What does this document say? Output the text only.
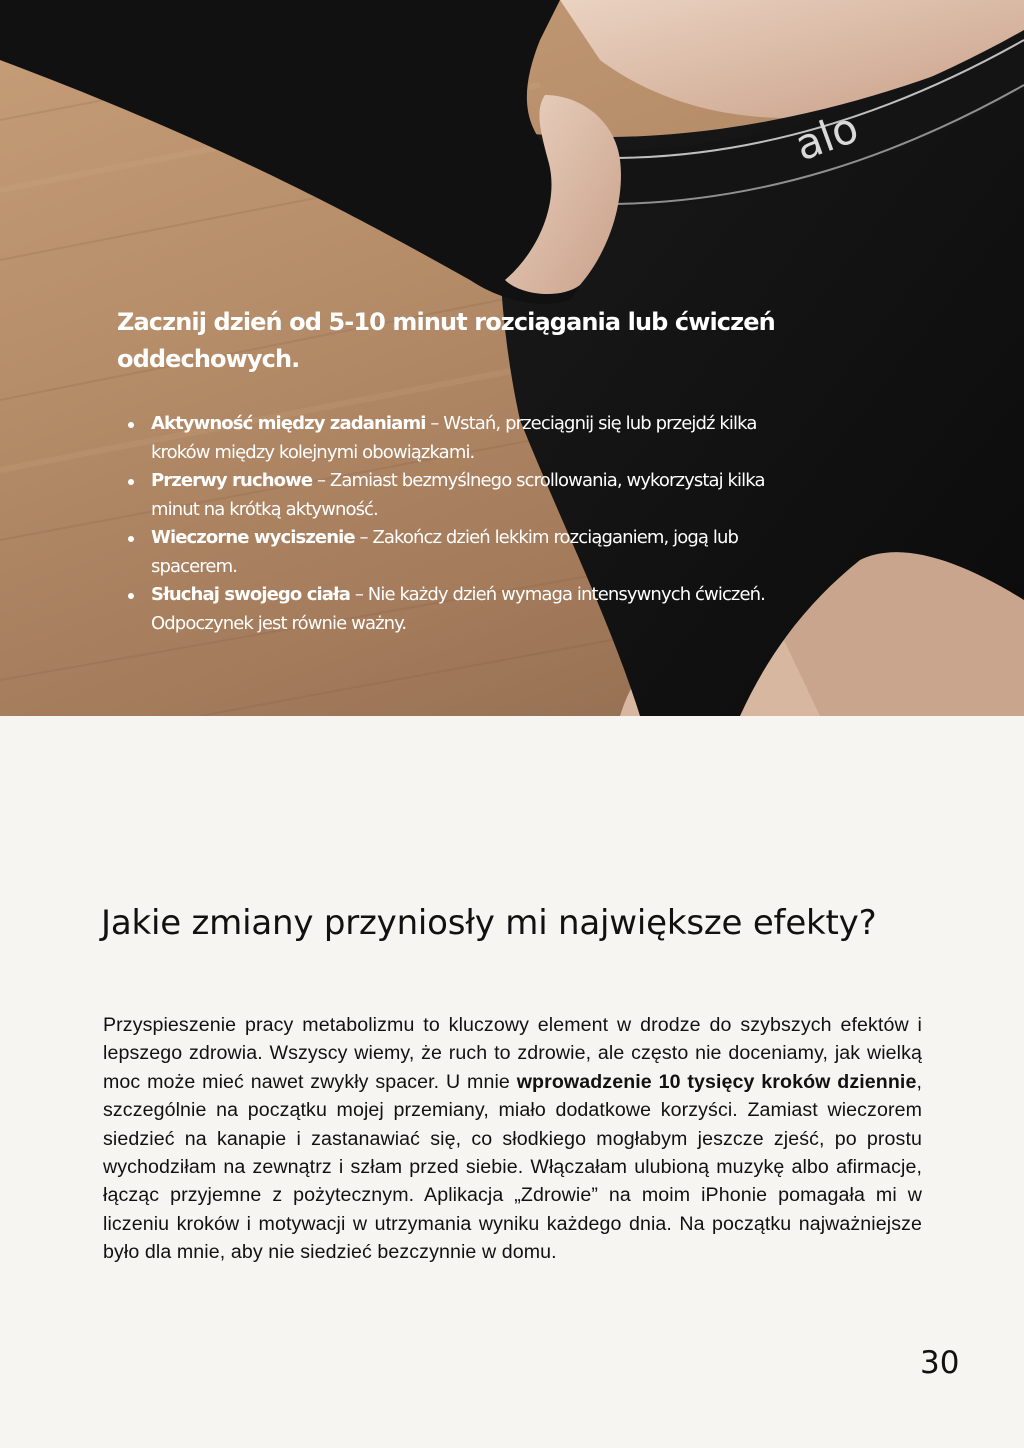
alo
Zacznij dzień od 5-10 minut rozciągania lub ćwiczeń oddechowych.
Aktywność między zadaniami – Wstań, przeciągnij się lub przejdź kilka kroków między kolejnymi obowiązkami.
Przerwy ruchowe – Zamiast bezmyślnego scrollowania, wykorzystaj kilka minut na krótką aktywność.
Wieczorne wyciszenie – Zakończ dzień lekkim rozciąganiem, jogą lub spacerem.
Słuchaj swojego ciała – Nie każdy dzień wymaga intensywnych ćwiczeń. Odpoczynek jest równie ważny.
Jakie zmiany przyniosły mi największe efekty?

Przyspieszenie pracy metabolizmu to kluczowy element w drodze do szybszych efektów i lepszego zdrowia. Wszyscy wiemy, że ruch to zdrowie, ale często nie doceniamy, jak wielką moc może mieć nawet zwykły spacer. U mnie wprowadzenie 10 tysięcy kroków dziennie, szczególnie na początku mojej przemiany, miało dodatkowe korzyści. Zamiast wieczorem siedzieć na kanapie i zastanawiać się, co słodkiego mogłabym jeszcze zjeść, po prostu wychodziłam na zewnątrz i szłam przed siebie. Włączałam ulubioną muzykę albo afirmacje, łącząc przyjemne z pożytecznym. Aplikacja „Zdrowie” na moim iPhonie pomagała mi w liczeniu kroków i motywacji w utrzymania wyniku każdego dnia. Na początku najważniejsze było dla mnie, aby nie siedzieć bezczynnie w domu.

30
